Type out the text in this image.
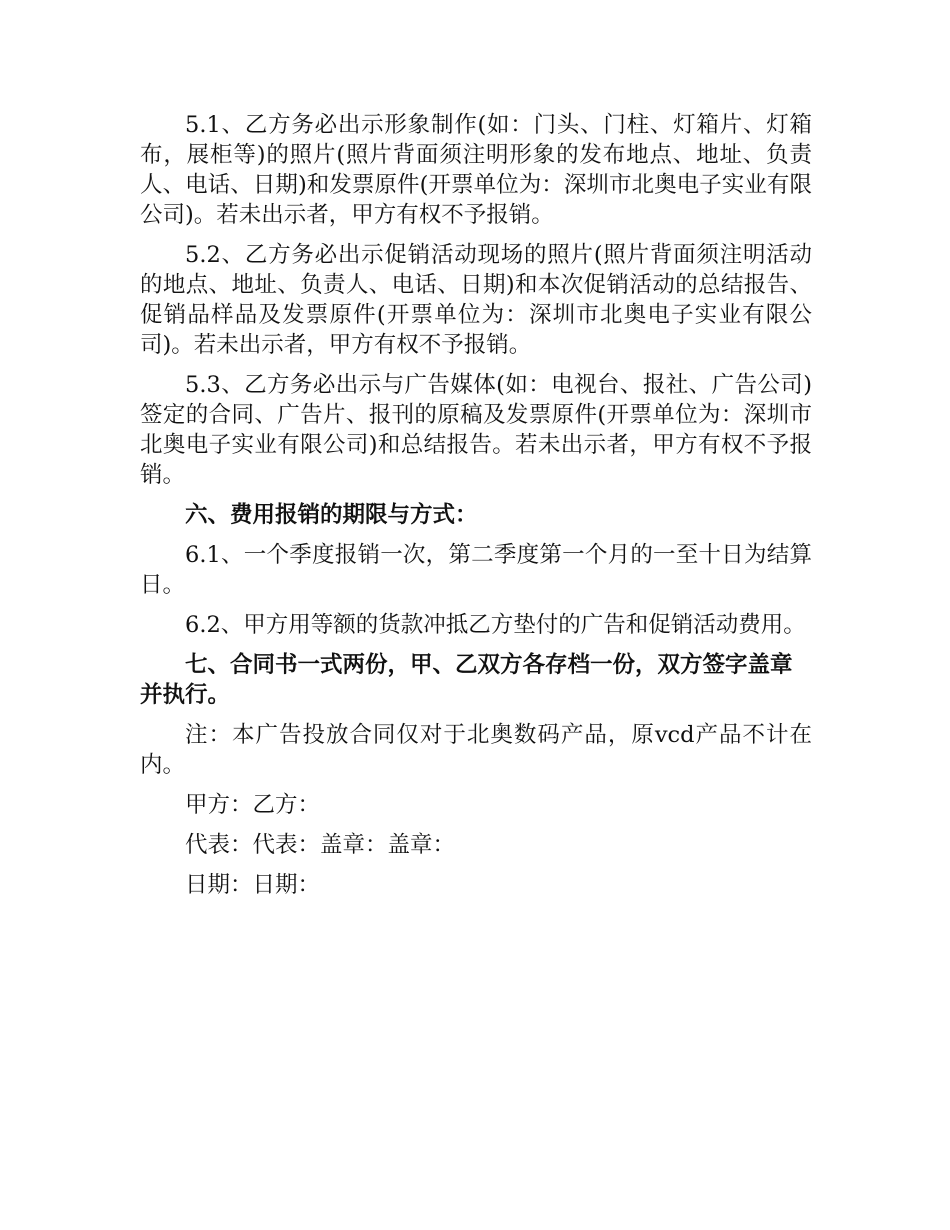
5.1、乙方务必出示形象制作(如：门头、门柱、灯箱片、灯箱布，展柜等)的照片(照片背面须注明形象的发布地点、地址、负责人、电话、日期)和发票原件(开票单位为：深圳市北奥电子实业有限公司)。若未出示者，甲方有权不予报销。

5.2、乙方务必出示促销活动现场的照片(照片背面须注明活动的地点、地址、负责人、电话、日期)和本次促销活动的总结报告、促销品样品及发票原件(开票单位为：深圳市北奥电子实业有限公司)。若未出示者，甲方有权不予报销。

5.3、乙方务必出示与广告媒体(如：电视台、报社、广告公司)签定的合同、广告片、报刊的原稿及发票原件(开票单位为：深圳市北奥电子实业有限公司)和总结报告。若未出示者，甲方有权不予报销。

六、费用报销的期限与方式：

6.1、一个季度报销一次，第二季度第一个月的一至十日为结算日。

6.2、甲方用等额的货款冲抵乙方垫付的广告和促销活动费用。

七、合同书一式两份，甲、乙双方各存档一份，双方签字盖章并执行。

注：本广告投放合同仅对于北奥数码产品，原vcd产品不计在内。

甲方：乙方：

代表：代表：盖章：盖章：

日期：日期：
